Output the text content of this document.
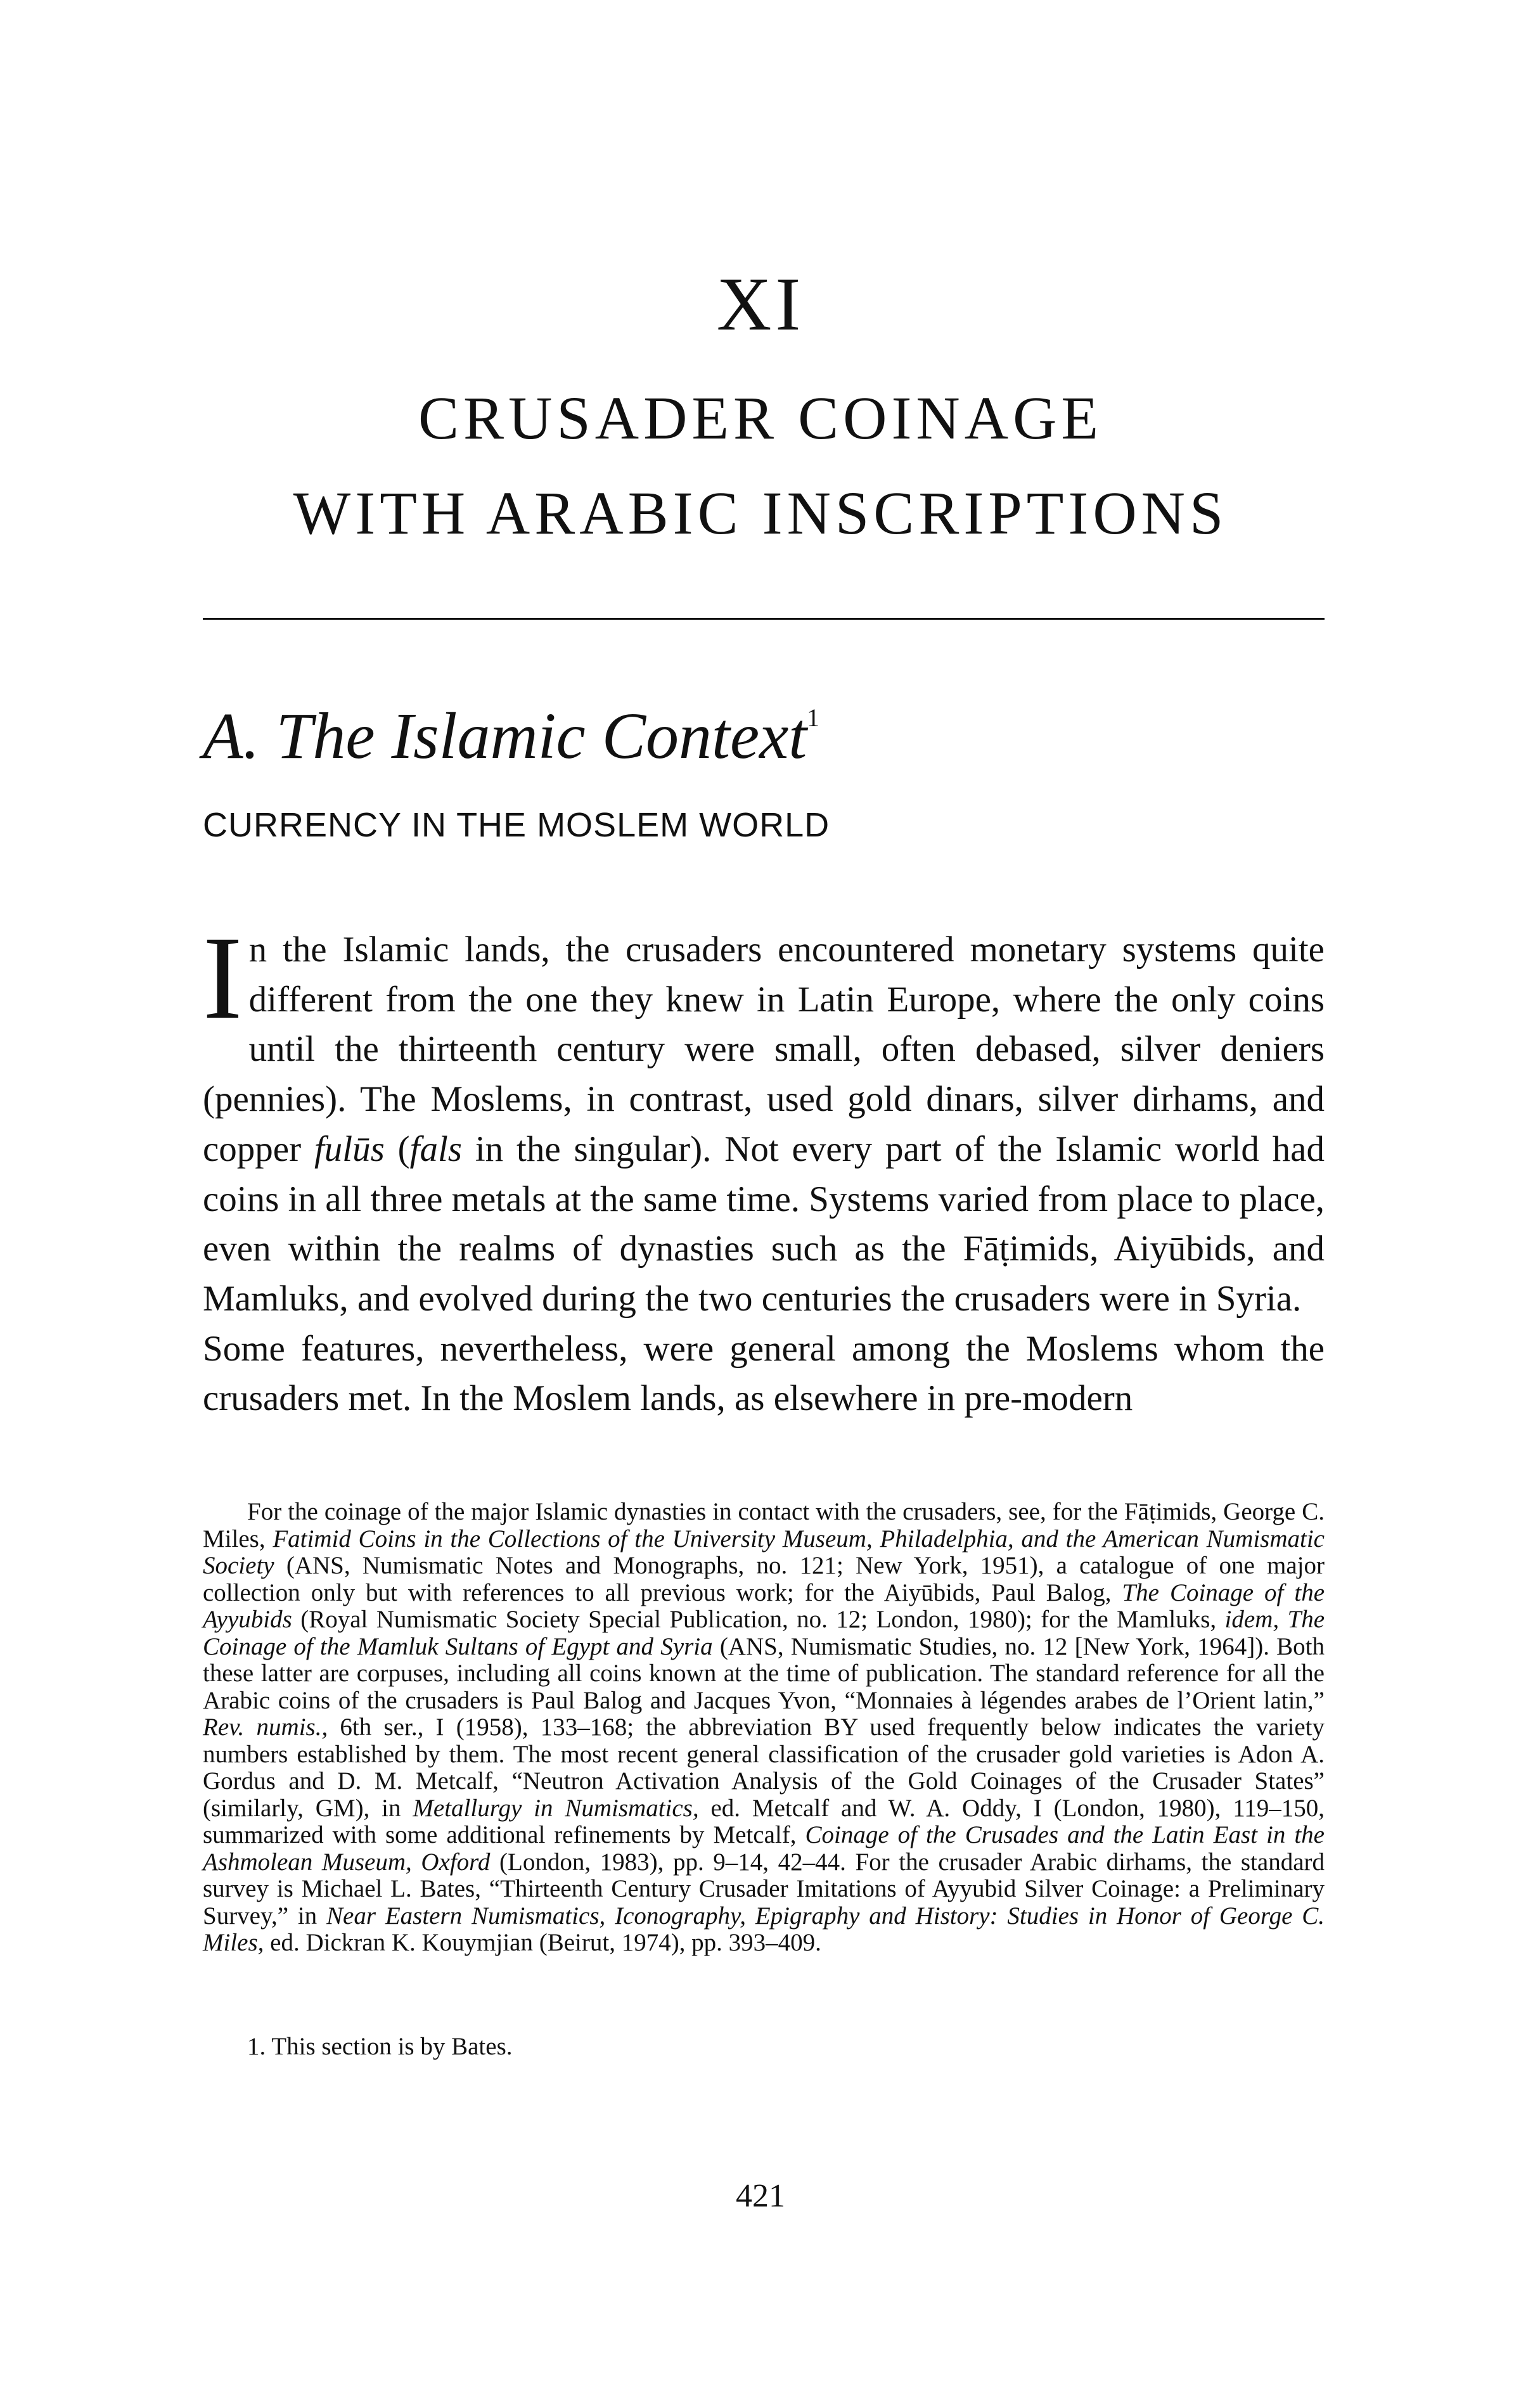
XI
CRUSADER COINAGE
WITH ARABIC INSCRIPTIONS
A. The Islamic Context$^1$
CURRENCY IN THE MOSLEM WORLD

In the Islamic lands, the crusaders encountered monetary systems quite different from the one they knew in Latin Europe, where the only coins until the thirteenth century were small, often debased, silver deniers (pennies). The Moslems, in contrast, used gold dinars, silver dirhams, and copper fulūs (fals in the singular). Not every part of the Islamic world had coins in all three metals at the same time. Systems varied from place to place, even within the realms of dynasties such as the Fāṭimids, Aiyūbids, and Mamluks, and evolved during the two centuries the crusaders were in Syria.

Some features, nevertheless, were general among the Moslems whom the crusaders met. In the Moslem lands, as elsewhere in pre-modern

For the coinage of the major Islamic dynasties in contact with the crusaders, see, for the Fāṭimids, George C. Miles, Fatimid Coins in the Collections of the University Museum, Philadelphia, and the American Numismatic Society (ANS, Numismatic Notes and Monographs, no. 121; New York, 1951), a catalogue of one major collection only but with references to all previous work; for the Aiyūbids, Paul Balog, The Coinage of the Ayyubids (Royal Numismatic Society Special Publication, no. 12; London, 1980); for the Mamluks, idem, The Coinage of the Mamluk Sultans of Egypt and Syria (ANS, Numismatic Studies, no. 12 [New York, 1964]). Both these latter are corpuses, including all coins known at the time of publication. The standard reference for all the Arabic coins of the crusaders is Paul Balog and Jacques Yvon, “Monnaies à légendes arabes de l’Orient latin,” Rev. numis., 6th ser., I (1958), 133–168; the abbreviation BY used frequently below indicates the variety numbers established by them. The most recent general classification of the crusader gold varieties is Adon A. Gordus and D. M. Metcalf, “Neutron Activation Analysis of the Gold Coinages of the Crusader States” (similarly, GM), in Metallurgy in Numismatics, ed. Metcalf and W. A. Oddy, I (London, 1980), 119–150, summarized with some additional refinements by Metcalf, Coinage of the Crusades and the Latin East in the Ashmolean Museum, Oxford (London, 1983), pp. 9–14, 42–44. For the crusader Arabic dirhams, the standard survey is Michael L. Bates, “Thirteenth Century Crusader Imitations of Ayyubid Silver Coinage: a Preliminary Survey,” in Near Eastern Numismatics, Iconography, Epigraphy and History: Studies in Honor of George C. Miles, ed. Dickran K. Kouymjian (Beirut, 1974), pp. 393–409.

1. This section is by Bates.
421
